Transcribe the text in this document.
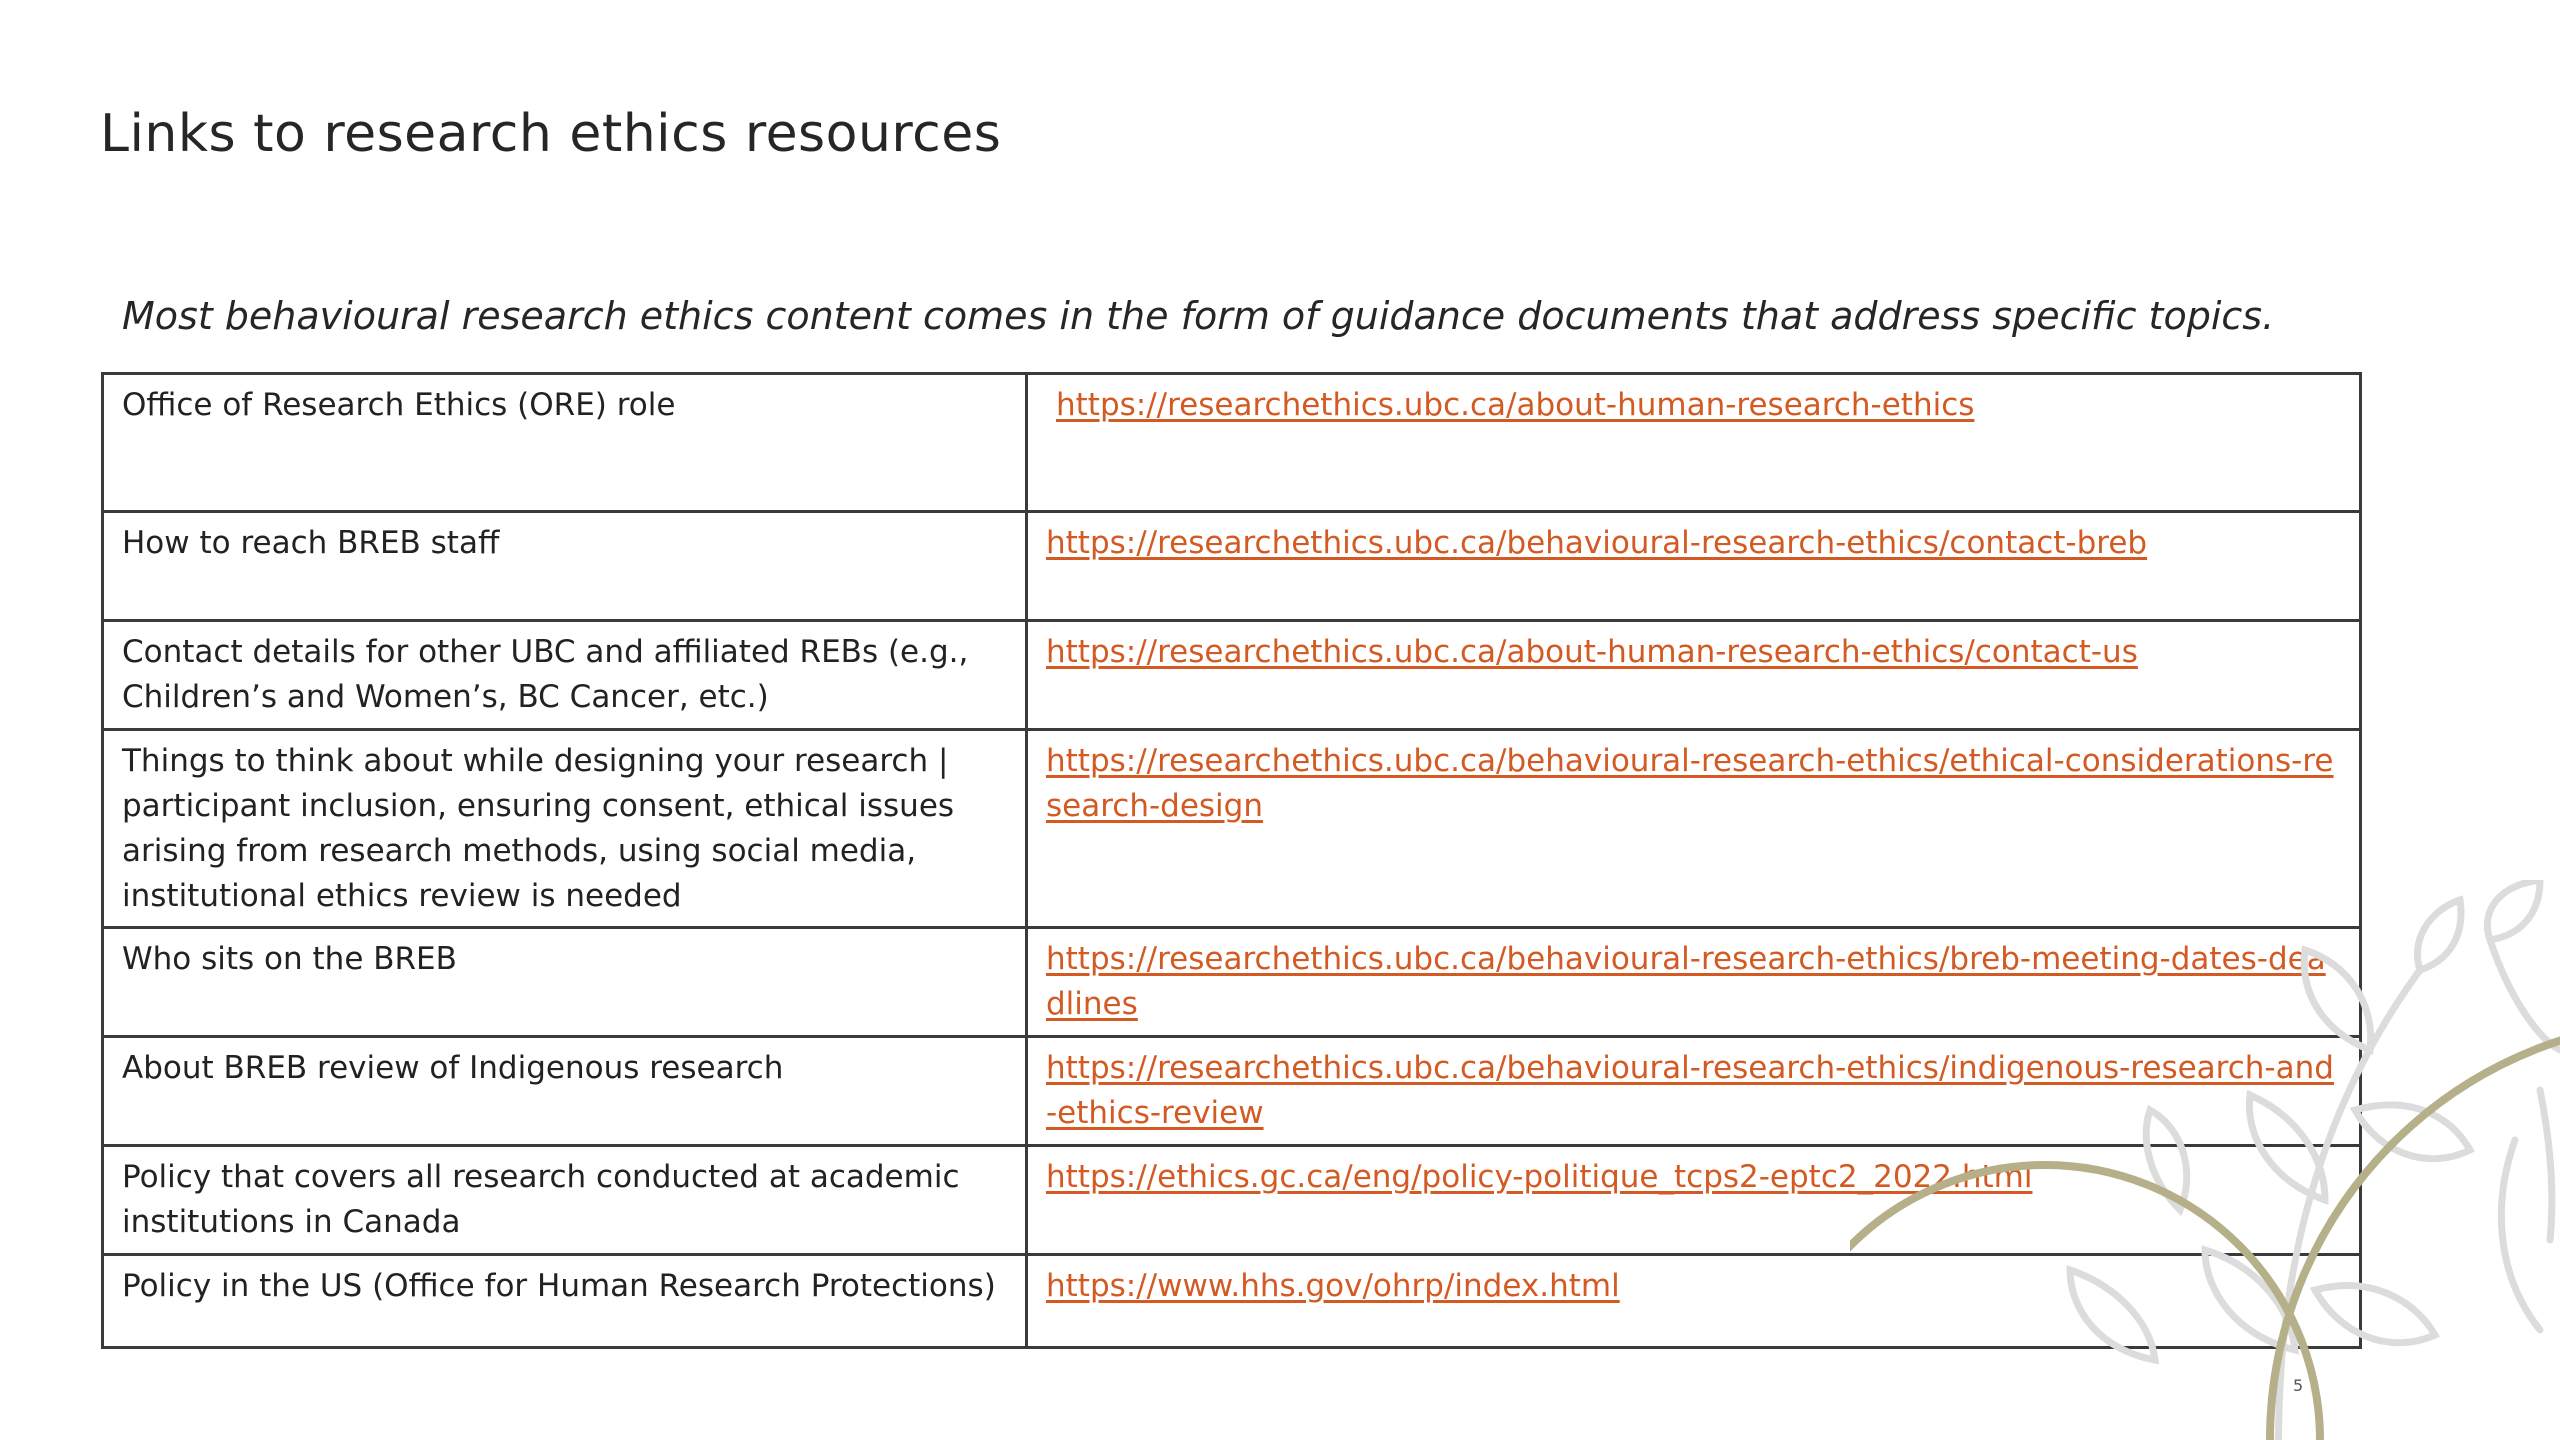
Links to research ethics resources

Most behavioural research ethics content comes in the form of guidance documents that address specific topics.

Office of Research Ethics (ORE) role	https://researchethics.ubc.ca/about-human-research-ethics
How to reach BREB staff	https://researchethics.ubc.ca/behavioural-research-ethics/contact-breb
Contact details for other UBC and affiliated REBs (e.g., Children’s and Women’s, BC Cancer, etc.)	https://researchethics.ubc.ca/about-human-research-ethics/contact-us
Things to think about while designing your research | participant inclusion, ensuring consent, ethical issues arising from research methods, using social media, institutional ethics review is needed	https://researchethics.ubc.ca/behavioural-research-ethics/ethical-considerations-research-design
Who sits on the BREB	https://researchethics.ubc.ca/behavioural-research-ethics/breb-meeting-dates-deadlines
About BREB review of Indigenous research	https://researchethics.ubc.ca/behavioural-research-ethics/indigenous-research-and-ethics-review
Policy that covers all research conducted at academic institutions in Canada	https://ethics.gc.ca/eng/policy-politique_tcps2-eptc2_2022.html
Policy in the US (Office for Human Research Protections)	https://www.hhs.gov/ohrp/index.html
5
